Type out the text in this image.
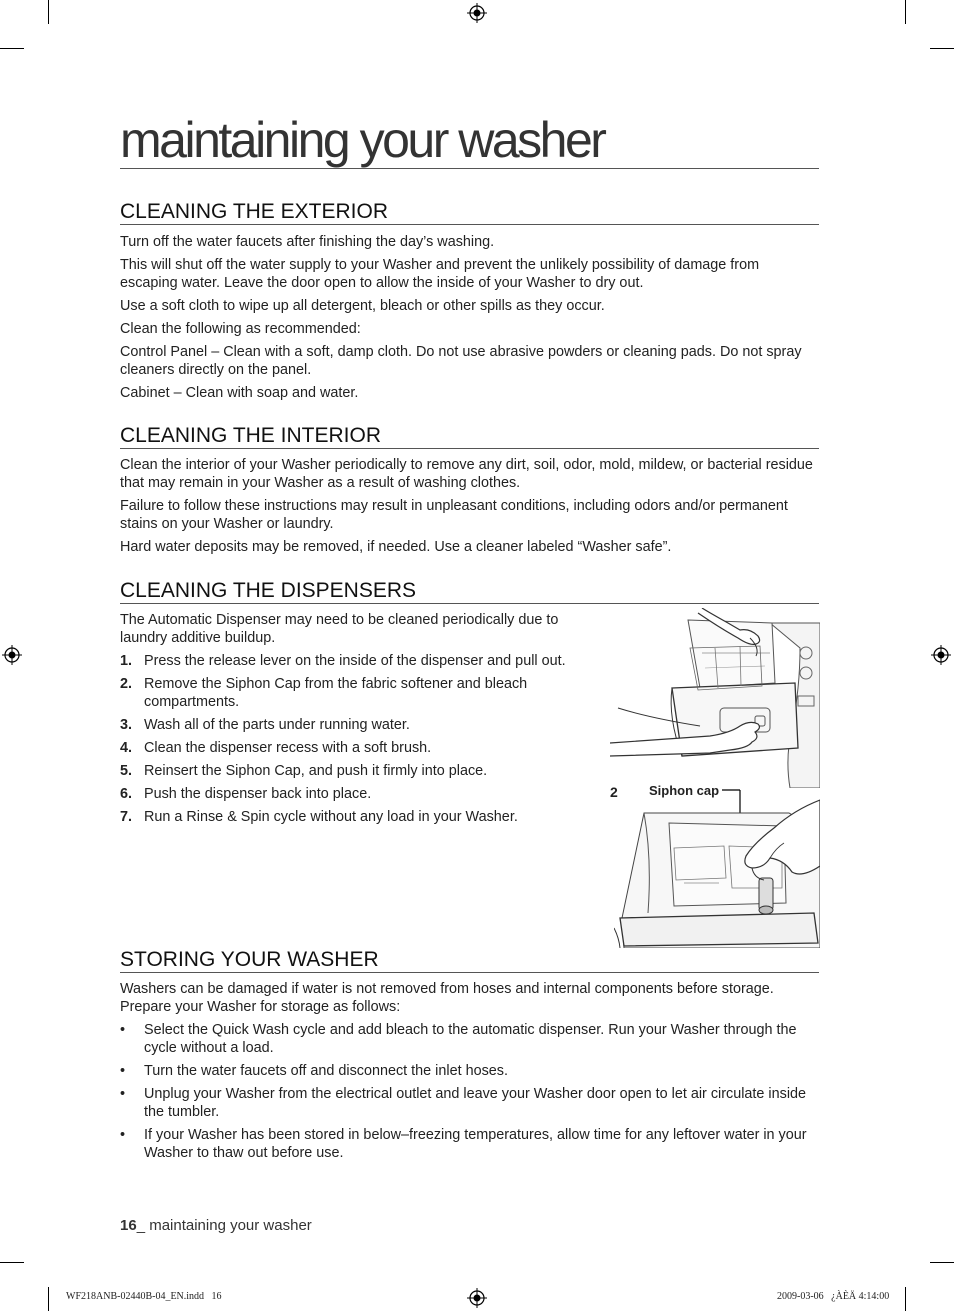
maintaining your washer
CLEANING THE EXTERIOR

Turn off the water faucets after finishing the day’s washing.

This will shut off the water supply to your Washer and prevent the unlikely possibility of damage from escaping water. Leave the door open to allow the inside of your Washer to dry out.

Use a soft cloth to wipe up all detergent, bleach or other spills as they occur.

Clean the following as recommended:

Control Panel – Clean with a soft, damp cloth. Do not use abrasive powders or cleaning pads. Do not spray cleaners directly on the panel.

Cabinet – Clean with soap and water.

CLEANING THE INTERIOR

Clean the interior of your Washer periodically to remove any dirt, soil, odor, mold, mildew, or bacterial residue that may remain in your Washer as a result of washing clothes.

Failure to follow these instructions may result in unpleasant conditions, including odors and/or permanent stains on your Washer or laundry.

Hard water deposits may be removed, if needed. Use a cleaner labeled “Washer safe”.

CLEANING THE DISPENSERS

The Automatic Dispenser may need to be cleaned periodically due to laundry additive buildup.

1. Press the release lever on the inside of the dispenser and pull out.
2. Remove the Siphon Cap from the fabric softener and bleach compartments.
3. Wash all of the parts under running water.
4. Clean the dispenser recess with a soft brush.
5. Reinsert the Siphon Cap, and push it firmly into place.
6. Push the dispenser back into place.
7. Run a Rinse & Spin cycle without any load in your Washer.
2 Siphon cap
STORING YOUR WASHER

Washers can be damaged if water is not removed from hoses and internal components before storage. Prepare your Washer for storage as follows:

•	Select the Quick Wash cycle and add bleach to the automatic dispenser. Run your Washer through the cycle without a load.
•	Turn the water faucets off and disconnect the inlet hoses.
•	Unplug your Washer from the electrical outlet and leave your Washer door open to let air circulate inside the tumbler.
•	If your Washer has been stored in below–freezing temperatures, allow time for any leftover water in your Washer to thaw out before use.
16_ maintaining your washer
WF218ANB-02440B-04_EN.indd   16	2009-03-06   ¿ÀÈÄ 4:14:00
